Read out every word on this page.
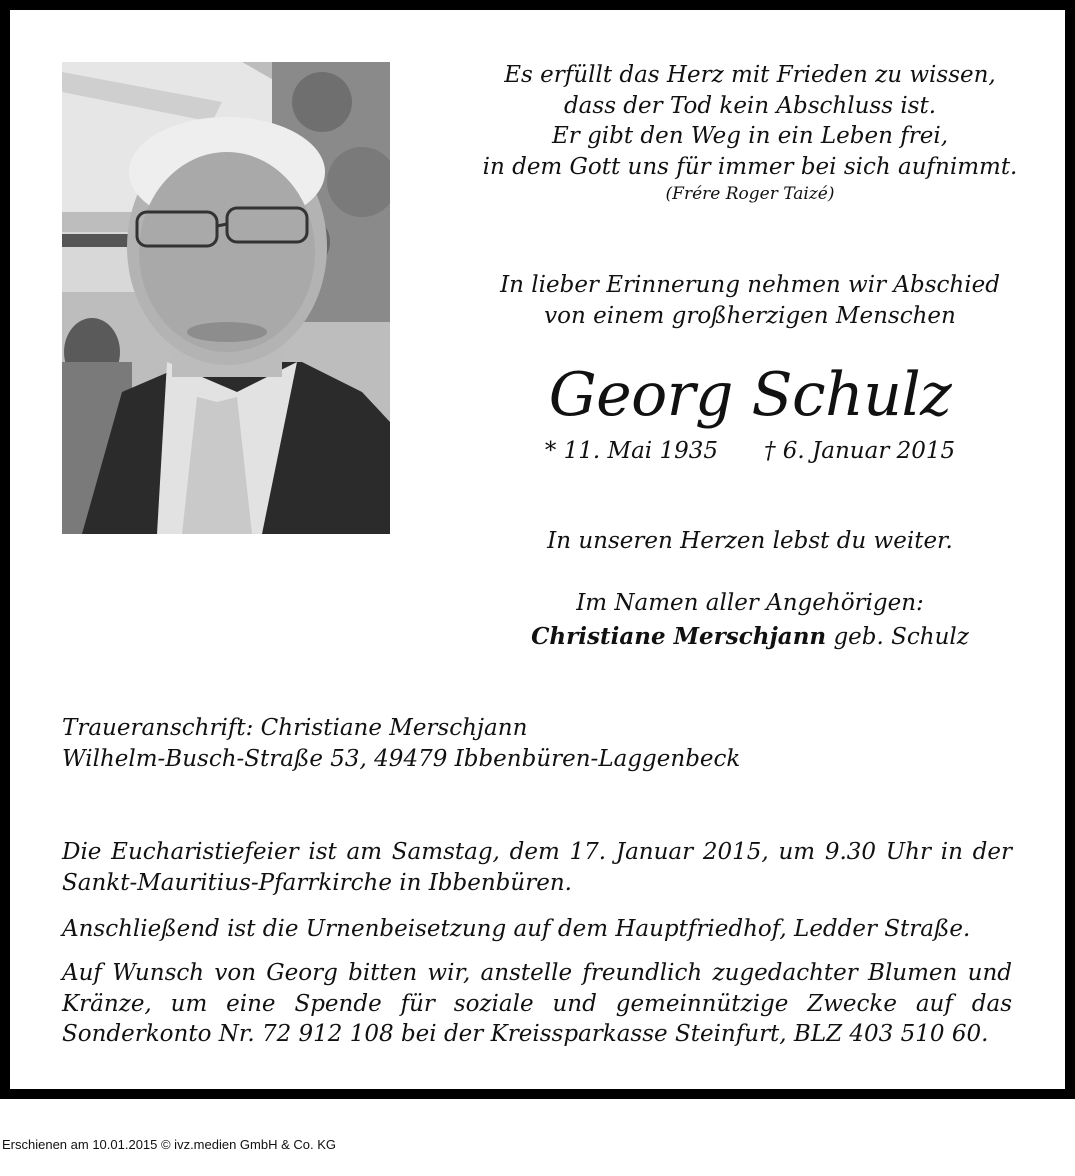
Es erfüllt das Herz mit Frieden zu wissen,
dass der Tod kein Abschluss ist.
Er gibt den Weg in ein Leben frei,
in dem Gott uns für immer bei sich aufnimmt.
(Frére Roger Taizé)
In lieber Erinnerung nehmen wir Abschied
von einem großherzigen Menschen
Georg Schulz
* 11. Mai 1935 † 6. Januar 2015
In unseren Herzen lebst du weiter.
Im Namen aller Angehörigen:
Christiane Merschjann geb. Schulz
Traueranschrift: Christiane Merschjann
Wilhelm-Busch-Straße 53, 49479 Ibbenbüren-Laggenbeck
Die Eucharistiefeier ist am Samstag, dem 17. Januar 2015, um 9.30 Uhr in der Sankt-Mauritius-Pfarrkirche in Ibbenbüren.
Anschließend ist die Urnenbeisetzung auf dem Hauptfriedhof, Ledder Straße.
Auf Wunsch von Georg bitten wir, anstelle freundlich zugedachter Blumen und Kränze, um eine Spende für soziale und gemeinnützige Zwecke auf das Sonderkonto Nr. 72 912 108 bei der Kreissparkasse Steinfurt, BLZ 403 510 60.
Erschienen am 10.01.2015 © ivz.medien GmbH & Co. KG
